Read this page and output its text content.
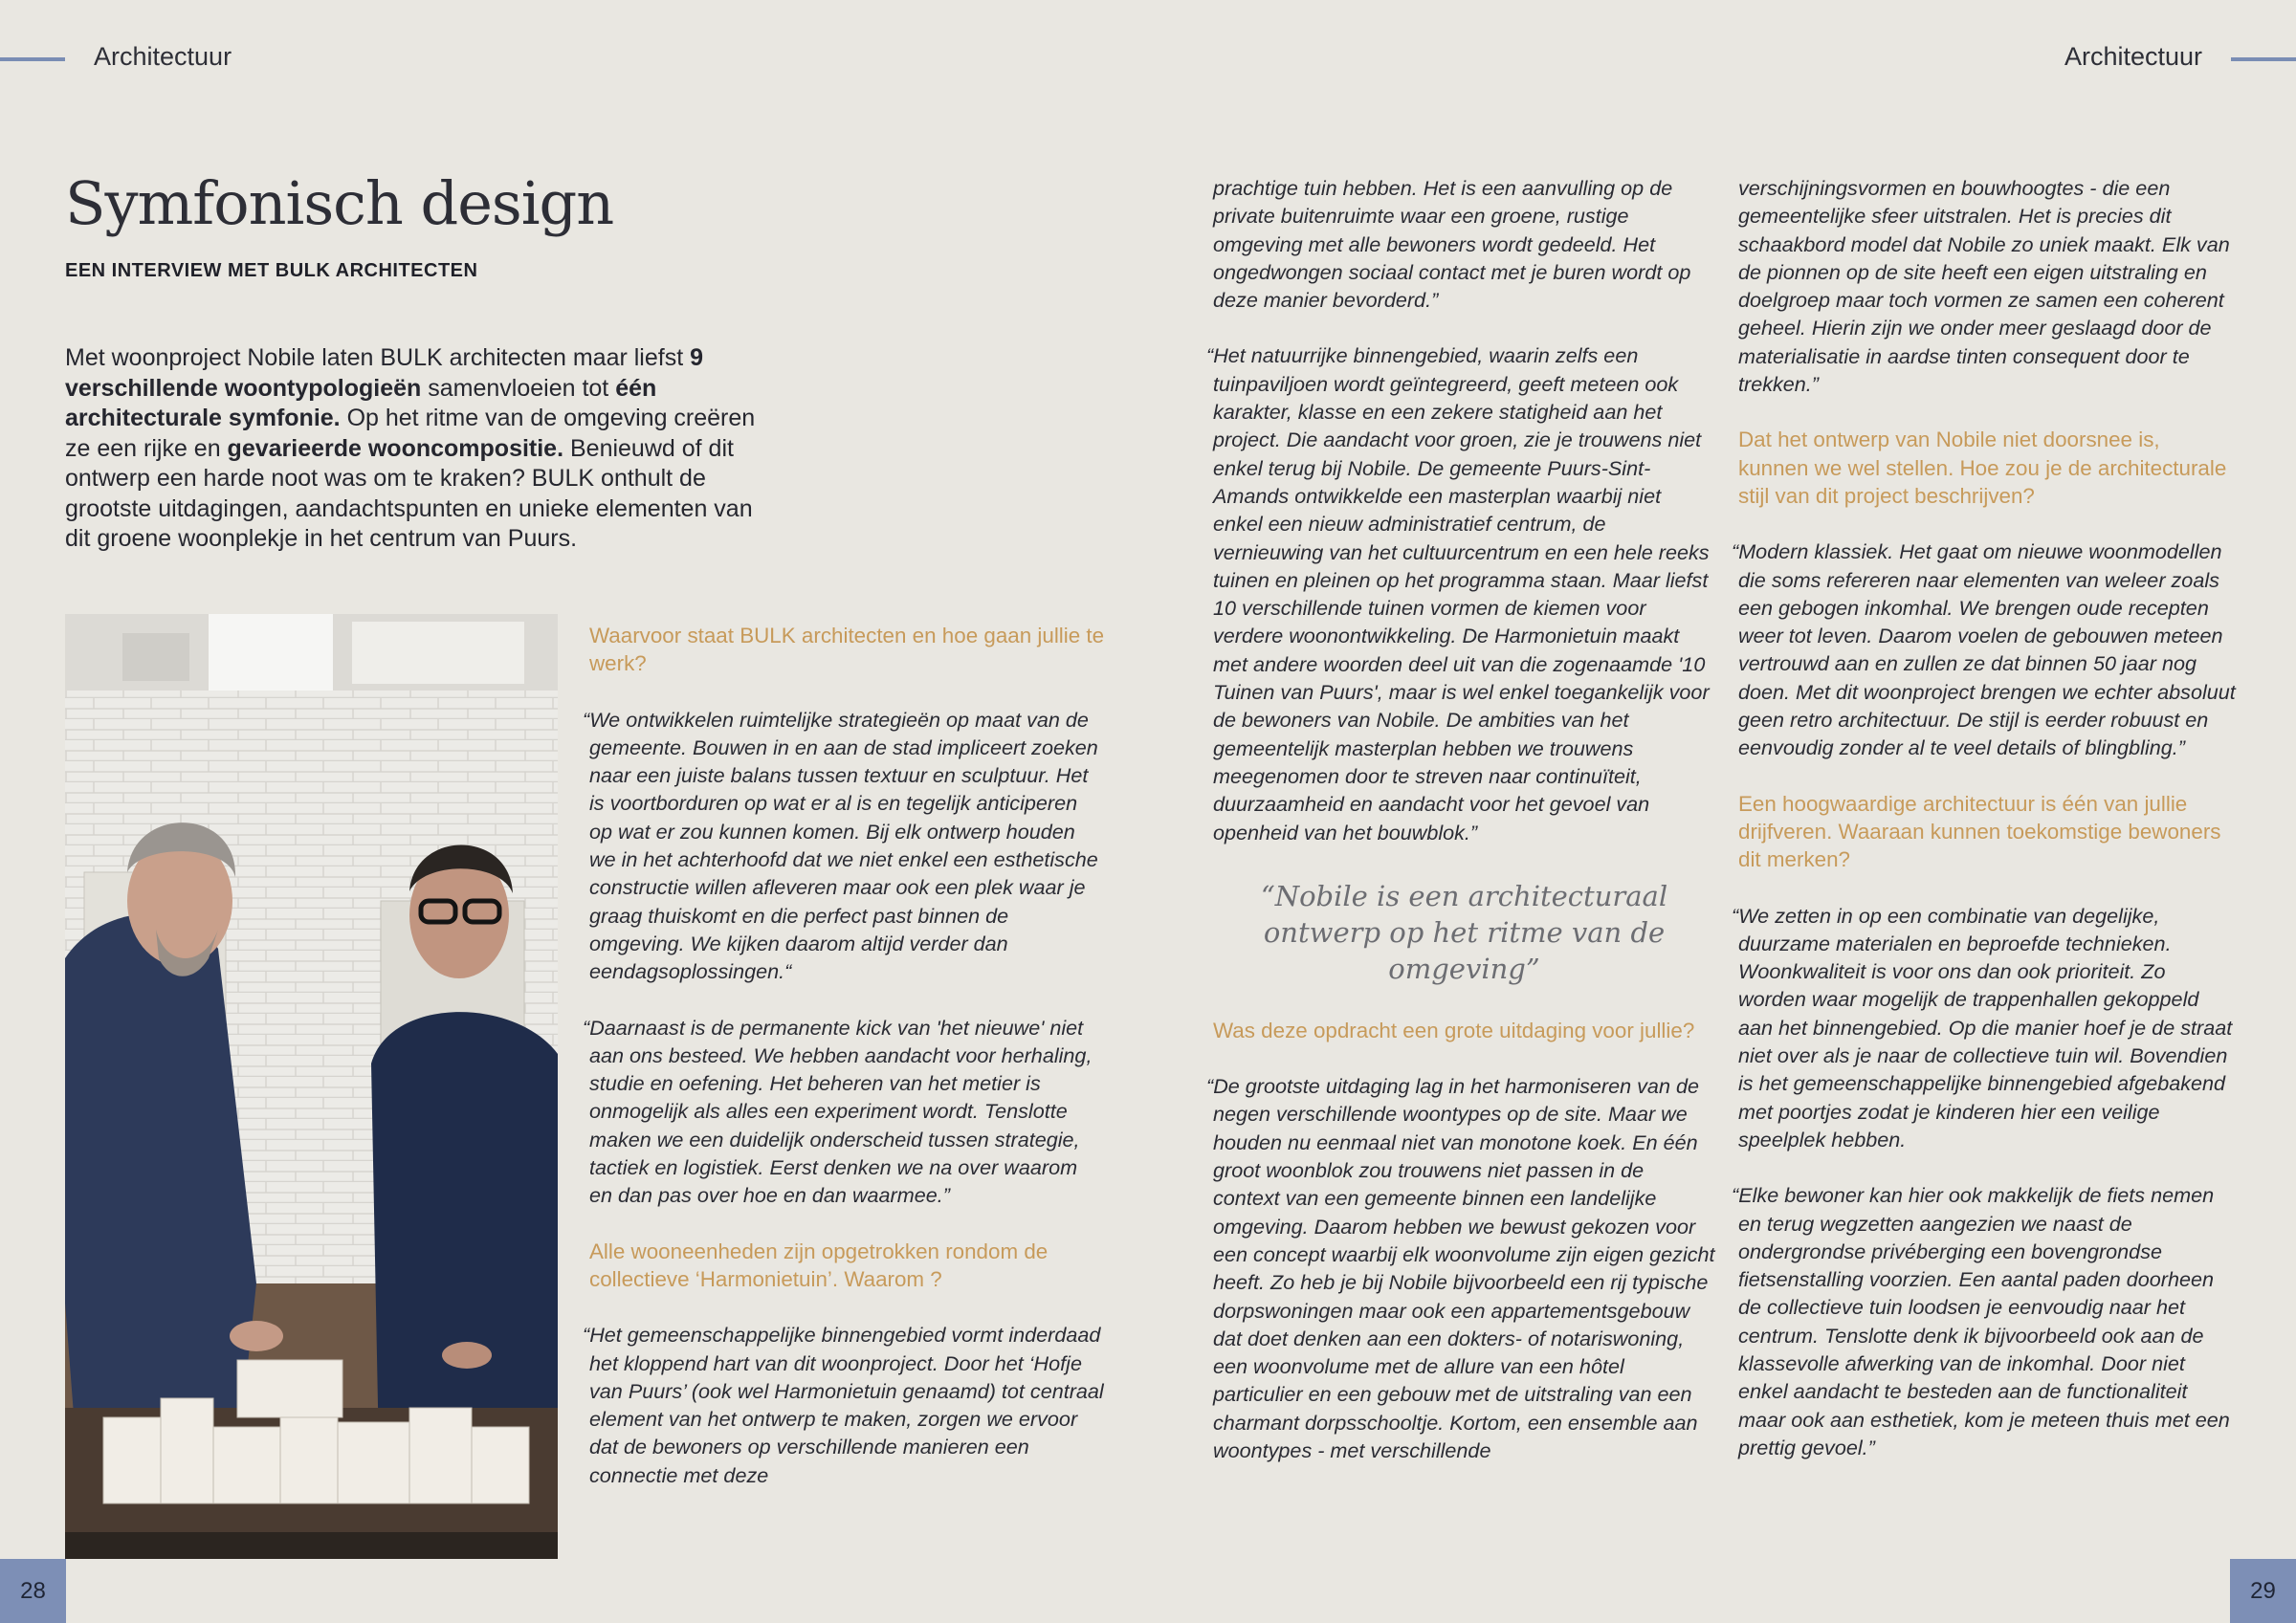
Architectuur
Symfonisch design
EEN INTERVIEW MET BULK ARCHITECTEN
Met woonproject Nobile laten BULK architecten maar liefst 9 verschillende woontypologieën samenvloeien tot één architecturale symfonie. Op het ritme van de omgeving creëren ze een rijke en gevarieerde wooncompositie. Benieuwd of dit ontwerp een harde noot was om te kraken? BULK onthult de grootste uitdagingen, aandachtspunten en unieke elementen van dit groene woonplekje in het centrum van Puurs.
Waarvoor staat BULK architecten en hoe gaan jullie te werk?

“We ontwikkelen ruimtelijke strategieën op maat van de gemeente. Bouwen in en aan de stad impliceert zoeken naar een juiste balans tussen textuur en sculptuur. Het is voortborduren op wat er al is en tegelijk anticiperen op wat er zou kunnen komen. Bij elk ontwerp houden we in het achterhoofd dat we niet enkel een esthetische constructie willen afleveren maar ook een plek waar je graag thuiskomt en die perfect past binnen de omgeving. We kijken daarom altijd verder dan eendagsoplossingen.“

“Daarnaast is de permanente kick van 'het nieuwe' niet aan ons besteed. We hebben aandacht voor herhaling, studie en oefening. Het beheren van het metier is onmogelijk als alles een experiment wordt. Tenslotte maken we een duidelijk onderscheid tussen strategie, tactiek en logistiek. Eerst denken we na over waarom en dan pas over hoe en dan waarmee.”

Alle wooneenheden zijn opgetrokken rondom de collectieve ‘Harmonietuin’. Waarom ?

“Het gemeenschappelijke binnengebied vormt inderdaad het kloppend hart van dit woonproject. Door het ‘Hofje van Puurs’ (ook wel Harmonietuin genaamd) tot centraal element van het ontwerp te maken, zorgen we ervoor dat de bewoners op verschillende manieren een connectie met deze

28
Architectuur

prachtige tuin hebben. Het is een aanvulling op de private buitenruimte waar een groene, rustige omgeving met alle bewoners wordt gedeeld. Het ongedwongen sociaal contact met je buren wordt op deze manier bevorderd.”

“Het natuurrijke binnengebied, waarin zelfs een tuinpaviljoen wordt geïntegreerd, geeft meteen ook karakter, klasse en een zekere statigheid aan het project. Die aandacht voor groen, zie je trouwens niet enkel terug bij Nobile. De gemeente Puurs-Sint-Amands ontwikkelde een masterplan waarbij niet enkel een nieuw administratief centrum, de vernieuwing van het cultuurcentrum en een hele reeks tuinen en pleinen op het programma staan. Maar liefst 10 verschillende tuinen vormen de kiemen voor verdere woonontwikkeling. De Harmonietuin maakt met andere woorden deel uit van die zogenaamde '10 Tuinen van Puurs', maar is wel enkel toegankelijk voor de bewoners van Nobile. De ambities van het gemeentelijk masterplan hebben we trouwens meegenomen door te streven naar continuïteit, duurzaamheid en aandacht voor het gevoel van openheid van het bouwblok.”

“Nobile is een architecturaal ontwerp op het ritme van de omgeving”
Was deze opdracht een grote uitdaging voor jullie?

“De grootste uitdaging lag in het harmoniseren van de negen verschillende woontypes op de site. Maar we houden nu eenmaal niet van monotone koek. En één groot woonblok zou trouwens niet passen in de context van een gemeente binnen een landelijke omgeving. Daarom hebben we bewust gekozen voor een concept waarbij elk woonvolume zijn eigen gezicht heeft. Zo heb je bij Nobile bijvoorbeeld een rij typische dorpswoningen maar ook een appartementsgebouw dat doet denken aan een dokters- of notariswoning, een woonvolume met de allure van een hôtel particulier en een gebouw met de uitstraling van een charmant dorpsschooltje. Kortom, een ensemble aan woontypes - met verschillende

verschijningsvormen en bouwhoogtes - die een gemeentelijke sfeer uitstralen. Het is precies dit schaakbord model dat Nobile zo uniek maakt. Elk van de pionnen op de site heeft een eigen uitstraling en doelgroep maar toch vormen ze samen een coherent geheel. Hierin zijn we onder meer geslaagd door de materialisatie in aardse tinten consequent door te trekken.”

Dat het ontwerp van Nobile niet doorsnee is, kunnen we wel stellen. Hoe zou je de architecturale stijl van dit project beschrijven?

“Modern klassiek. Het gaat om nieuwe woonmodellen die soms refereren naar elementen van weleer zoals een gebogen inkomhal. We brengen oude recepten weer tot leven. Daarom voelen de gebouwen meteen vertrouwd aan en zullen ze dat binnen 50 jaar nog doen. Met dit woonproject brengen we echter absoluut geen retro architectuur. De stijl is eerder robuust en eenvoudig zonder al te veel details of blingbling.”

Een hoogwaardige architectuur is één van jullie drijfveren. Waaraan kunnen toekomstige bewoners dit merken?

“We zetten in op een combinatie van degelijke, duurzame materialen en beproefde technieken. Woonkwaliteit is voor ons dan ook prioriteit. Zo worden waar mogelijk de trappenhallen gekoppeld aan het binnengebied. Op die manier hoef je de straat niet over als je naar de collectieve tuin wil. Bovendien is het gemeenschappelijke binnengebied afgebakend met poortjes zodat je kinderen hier een veilige speelplek hebben.

“Elke bewoner kan hier ook makkelijk de fiets nemen en terug wegzetten aangezien we naast de ondergrondse privéberging een bovengrondse fietsenstalling voorzien. Een aantal paden doorheen de collectieve tuin loodsen je eenvoudig naar het centrum. Tenslotte denk ik bijvoorbeeld ook aan de klassevolle afwerking van de inkomhal. Door niet enkel aandacht te besteden aan de functionaliteit maar ook aan esthetiek, kom je meteen thuis met een prettig gevoel.”

29
